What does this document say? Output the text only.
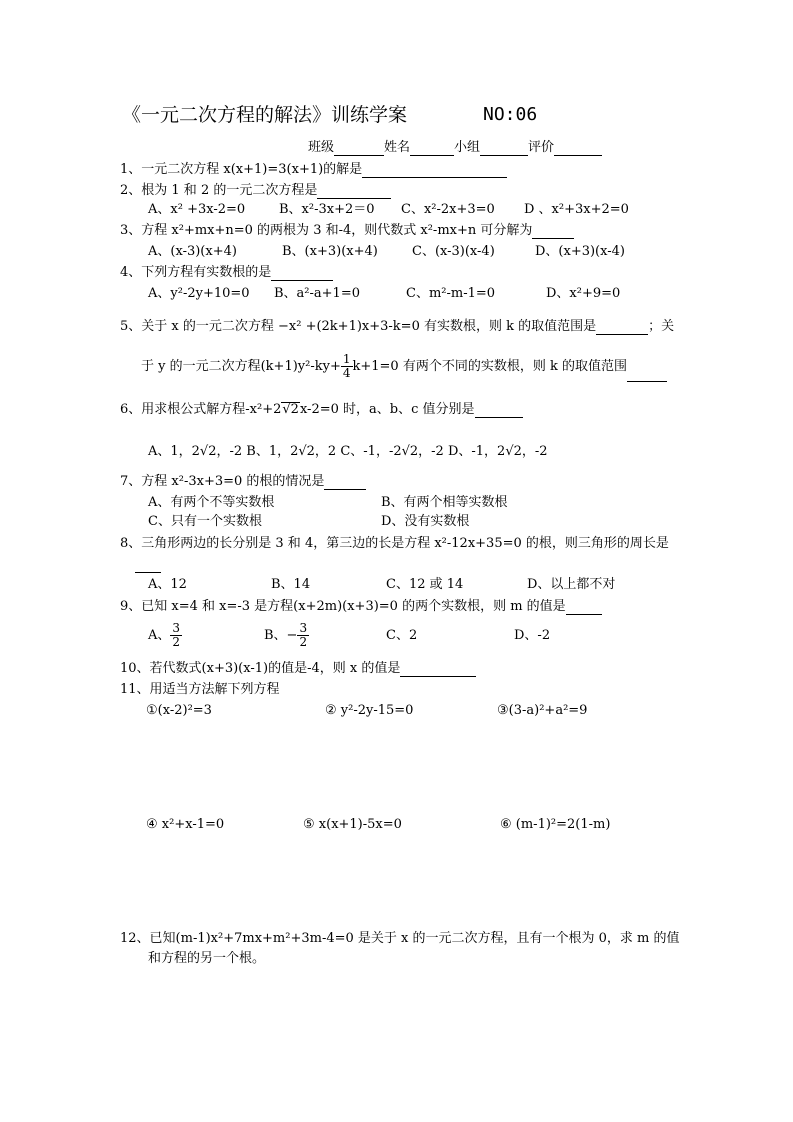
《一元二次方程的解法》训练学案	NO:06
班级	姓名	小组	评价
1、一元二次方程 x(x+1)=3(x+1)的解是
2、根为 1 和 2 的一元二次方程是
A、x² +3x-2=0	B、x²-3x+2＝0 C、x²-2x+3=0 D 、x²+3x+2=0
3、方程 x²+mx+n=0 的两根为 3 和-4，则代数式 x²-mx+n 可分解为
A、(x-3)(x+4)	B、(x+3)(x+4)	C、(x-3)(x-4)	D、(x+3)(x-4)
4、下列方程有实数根的是
A、y²-2y+10=0 B、a²-a+1=0	C、m²-m-1=0	D、x²+9=0
5、关于 x 的一元二次方程 −x² +(2k+1)x+3-k=0 有实数根，则 k 的取值范围是	；关
于 y 的一元二次方程$(k+1)y^2-ky+ \frac{1}{4} k+1=0$ 有两个不同的实数根，则 k 的取值范围
6、用求根公式解方程-x²+2√2x-2=0 时，a、b、c 值分别是
A、1，2√2，-2 B、1，2√2，2 C、-1，-2√2，-2 D、-1，2√2，-2
7、方程 x²-3x+3=0 的根的情况是
A、有两个不等实数根	B、有两个相等实数根
C、只有一个实数根	D、没有实数根
8、三角形两边的长分别是 3 和 4，第三边的长是方程 x²-12x+35=0 的根，则三角形的周长是
A、12	B、14	C、12 或 14	D、以上都不对
9、已知 x=4 和 x=-3 是方程(x+2m)(x+3)=0 的两个实数根，则 m 的值是
A、 $\frac{3}{2}$	B、− $\frac{3}{2}$	C、2	D、-2
10、若代数式(x+3)(x-1)的值是-4，则 x 的值是
11、用适当方法解下列方程
①(x-2)²=3	② y²-2y-15=0	③(3-a)²+a²=9
④ x²+x-1=0	⑤ x(x+1)-5x=0	⑥ (m-1)²=2(1-m)
12、已知(m-1)x²+7mx+m²+3m-4=0 是关于 x 的一元二次方程，且有一个根为 0，求 m 的值
和方程的另一个根。
